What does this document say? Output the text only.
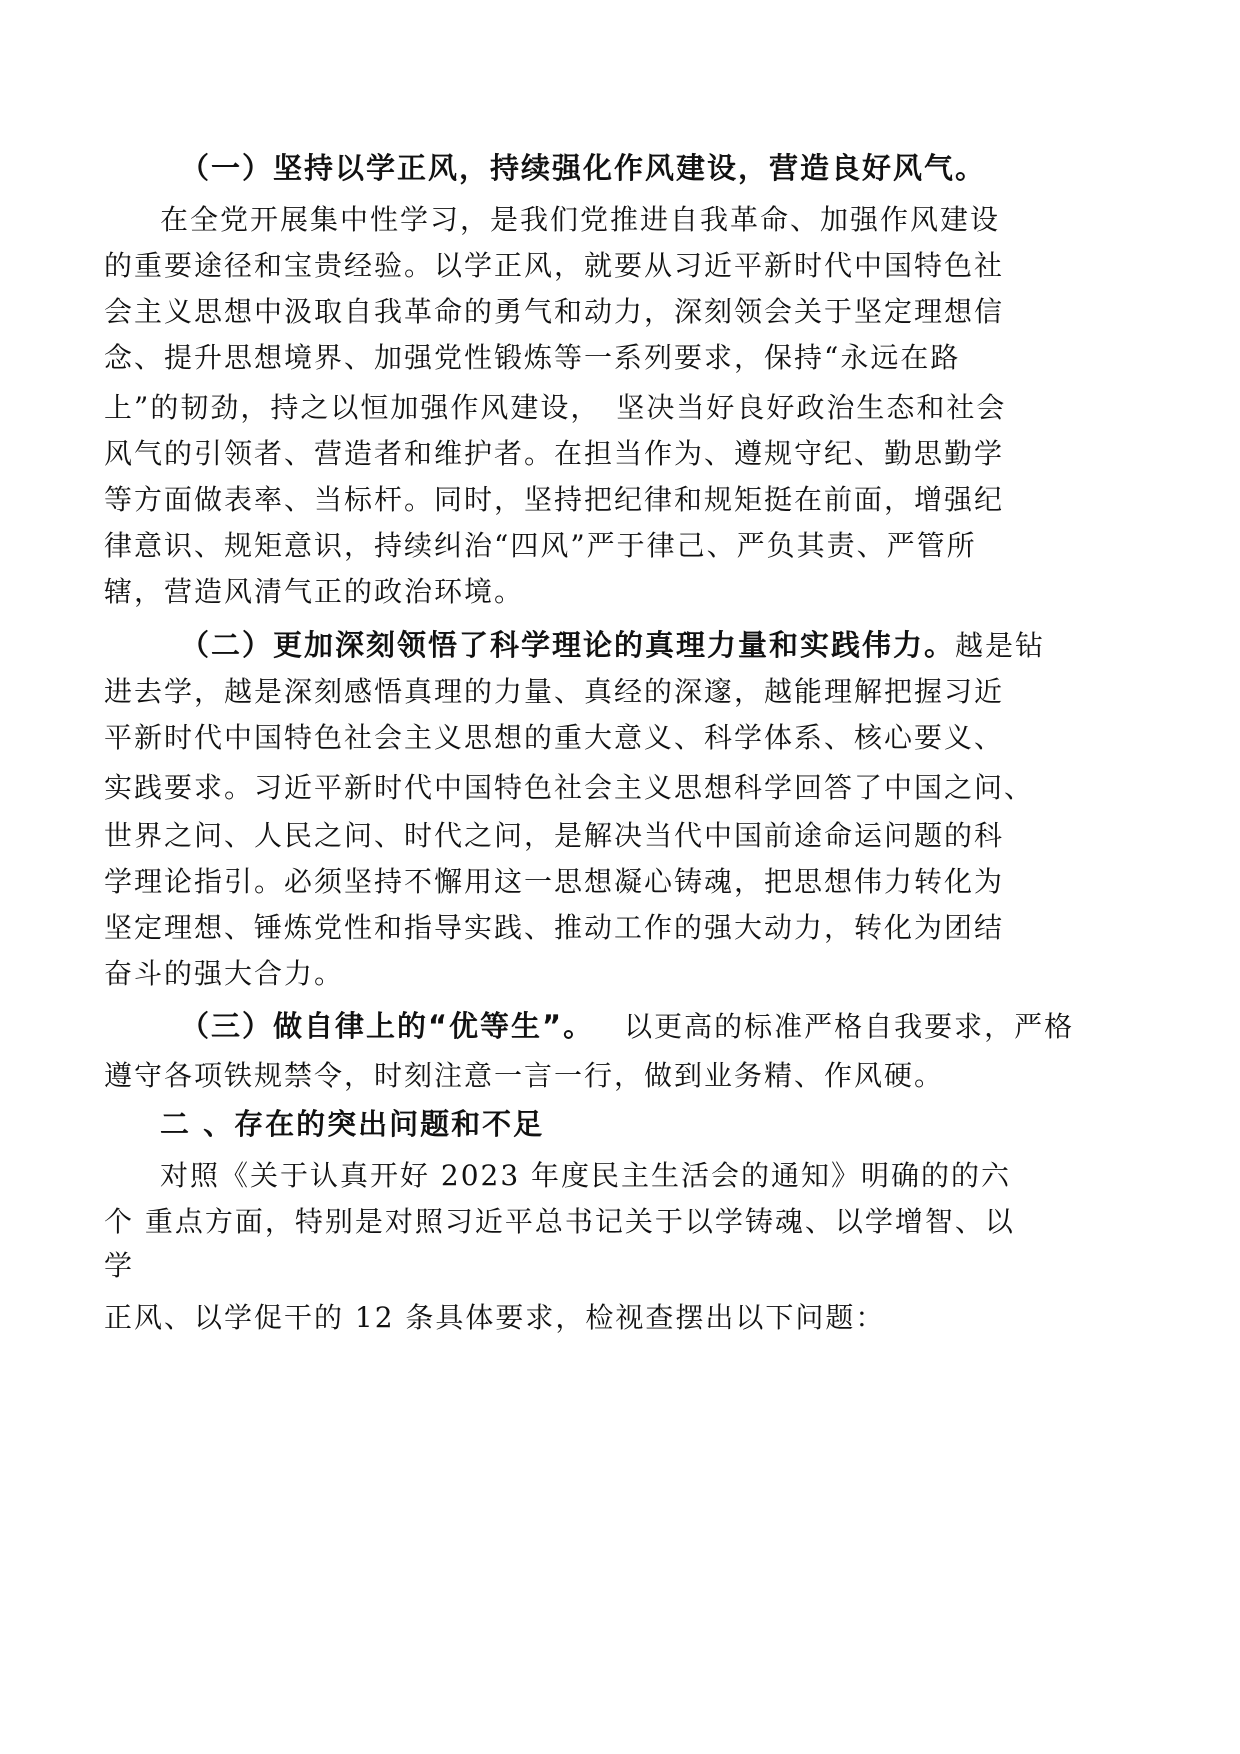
（一）坚持以学正风，持续强化作风建设，营造良好风气。
在全党开展集中性学习，是我们党推进自我革命、加强作风建设
的重要途径和宝贵经验。以学正风，就要从习近平新时代中国特色社
会主义思想中汲取自我革命的勇气和动力，深刻领会关于坚定理想信
念、提升思想境界、加强党性锻炼等一系列要求，保持“永远在路
上”的韧劲，持之以恒加强作风建设，　坚决当好良好政治生态和社会
风气的引领者、营造者和维护者。在担当作为、遵规守纪、勤思勤学
等方面做表率、当标杆。同时，坚持把纪律和规矩挺在前面，增强纪
律意识、规矩意识，持续纠治“四风”严于律己、严负其责、严管所
辖，营造风清气正的政治环境。
（二）更加深刻领悟了科学理论的真理力量和实践伟力。越是钻
进去学，越是深刻感悟真理的力量、真经的深邃，越能理解把握习近
平新时代中国特色社会主义思想的重大意义、科学体系、核心要义、
实践要求。习近平新时代中国特色社会主义思想科学回答了中国之问、
世界之问、人民之问、时代之问，是解决当代中国前途命运问题的科
学理论指引。必须坚持不懈用这一思想凝心铸魂，把思想伟力转化为
坚定理想、锤炼党性和指导实践、推动工作的强大动力，转化为团结
奋斗的强大合力。
（三）做自律上的“优等生”。 以更高的标准严格自我要求，严格
遵守各项铁规禁令，时刻注意一言一行，做到业务精、作风硬。
二 、存在的突出问题和不足
对照《关于认真开好 2023 年度民主生活会的通知》明确的的六
个 重点方面，特别是对照习近平总书记关于以学铸魂、以学增智、以
学
正风、以学促干的 12 条具体要求，检视查摆出以下问题：
